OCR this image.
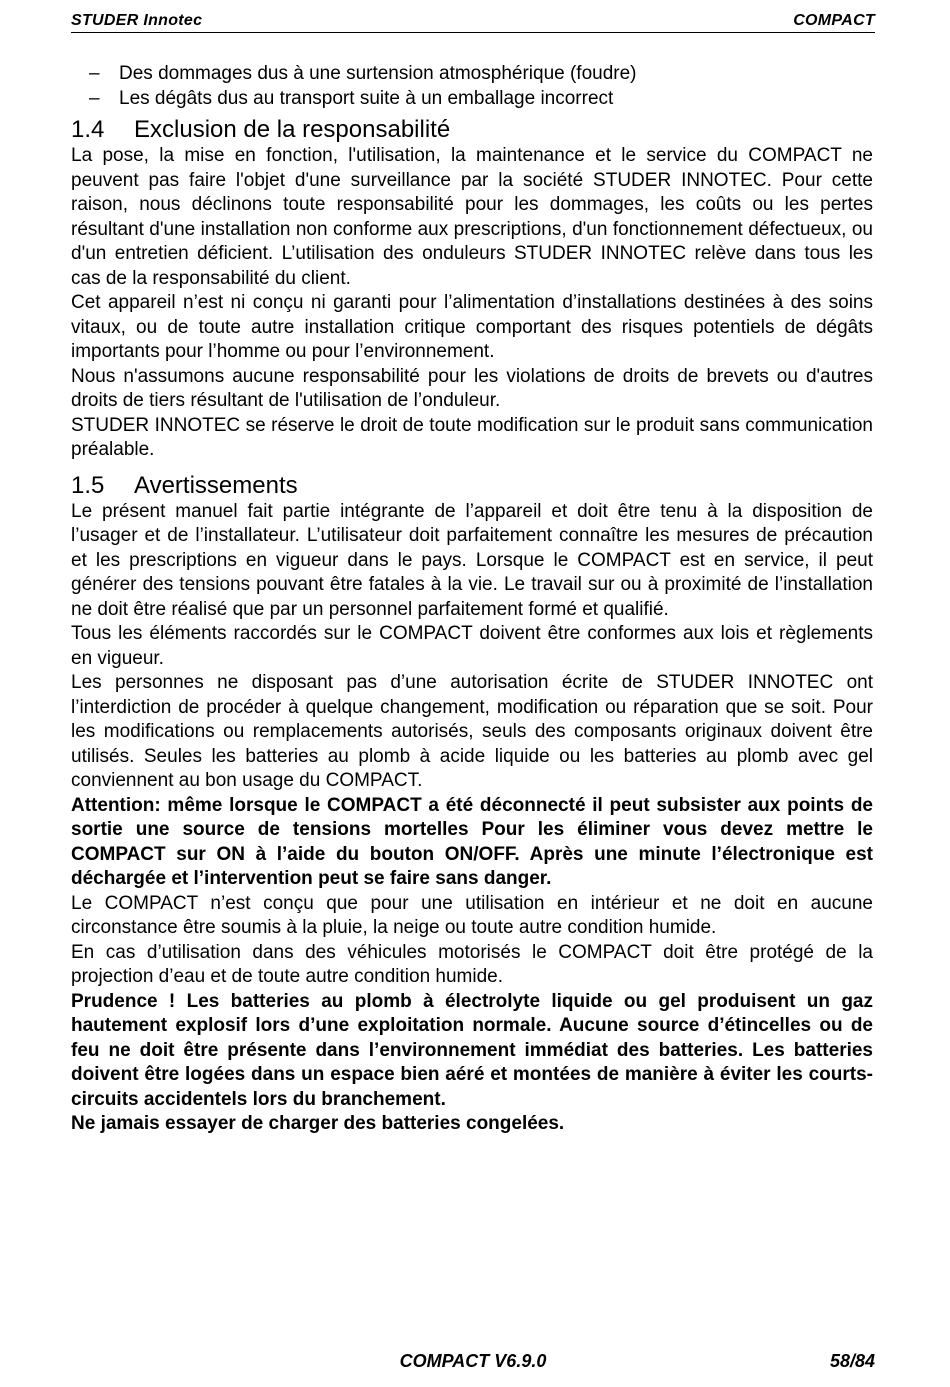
STUDER Innotec	COMPACT
– Des dommages dus à une surtension atmosphérique (foudre)
– Les dégâts dus au transport suite à un emballage incorrect
1.4 Exclusion de la responsabilité

La pose, la mise en fonction, l'utilisation, la maintenance et le service du COMPACT ne peuvent pas faire l'objet d'une surveillance par la société STUDER INNOTEC. Pour cette raison, nous déclinons toute responsabilité pour les dommages, les coûts ou les pertes résultant d'une installation non conforme aux prescriptions, d'un fonctionnement défectueux, ou d'un entretien déficient. L’utilisation des onduleurs STUDER INNOTEC relève dans tous les cas de la responsabilité du client.

Cet appareil n’est ni conçu ni garanti pour l’alimentation d’installations destinées à des soins vitaux, ou de toute autre installation critique comportant des risques potentiels de dégâts importants pour l’homme ou pour l’environnement.

Nous n'assumons aucune responsabilité pour les violations de droits de brevets ou d'autres droits de tiers résultant de l'utilisation de l’onduleur.

STUDER INNOTEC se réserve le droit de toute modification sur le produit sans communication préalable.

1.5 Avertissements

Le présent manuel fait partie intégrante de l’appareil et doit être tenu à la disposition de l’usager et de l’installateur. L’utilisateur doit parfaitement connaître les mesures de précaution et les prescriptions en vigueur dans le pays. Lorsque le COMPACT est en service, il peut générer des tensions pouvant être fatales à la vie. Le travail sur ou à proximité de l’installation ne doit être réalisé que par un personnel parfaitement formé et qualifié.

Tous les éléments raccordés sur le COMPACT doivent être conformes aux lois et règlements en vigueur.

Les personnes ne disposant pas d’une autorisation écrite de STUDER INNOTEC ont l’interdiction de procéder à quelque changement, modification ou réparation que se soit. Pour les modifications ou remplacements autorisés, seuls des composants originaux doivent être utilisés. Seules les batteries au plomb à acide liquide ou les batteries au plomb avec gel conviennent au bon usage du COMPACT.

Attention: même lorsque le COMPACT a été déconnecté il peut subsister aux points de sortie une source de tensions mortelles Pour les éliminer vous devez mettre le COMPACT sur ON à l’aide du bouton ON/OFF. Après une minute l’électronique est déchargée et l’intervention peut se faire sans danger.

Le COMPACT n’est conçu que pour une utilisation en intérieur et ne doit en aucune circonstance être soumis à la pluie, la neige ou toute autre condition humide.

En cas d’utilisation dans des véhicules motorisés le COMPACT doit être protégé de la projection d’eau et de toute autre condition humide.

Prudence ! Les batteries au plomb à électrolyte liquide ou gel produisent un gaz hautement explosif lors d’une exploitation normale. Aucune source d’étincelles ou de feu ne doit être présente dans l’environnement immédiat des batteries. Les batteries doivent être logées dans un espace bien aéré et montées de manière à éviter les courts-circuits accidentels lors du branchement.

Ne jamais essayer de charger des batteries congelées.

COMPACT V6.9.0	58/84
